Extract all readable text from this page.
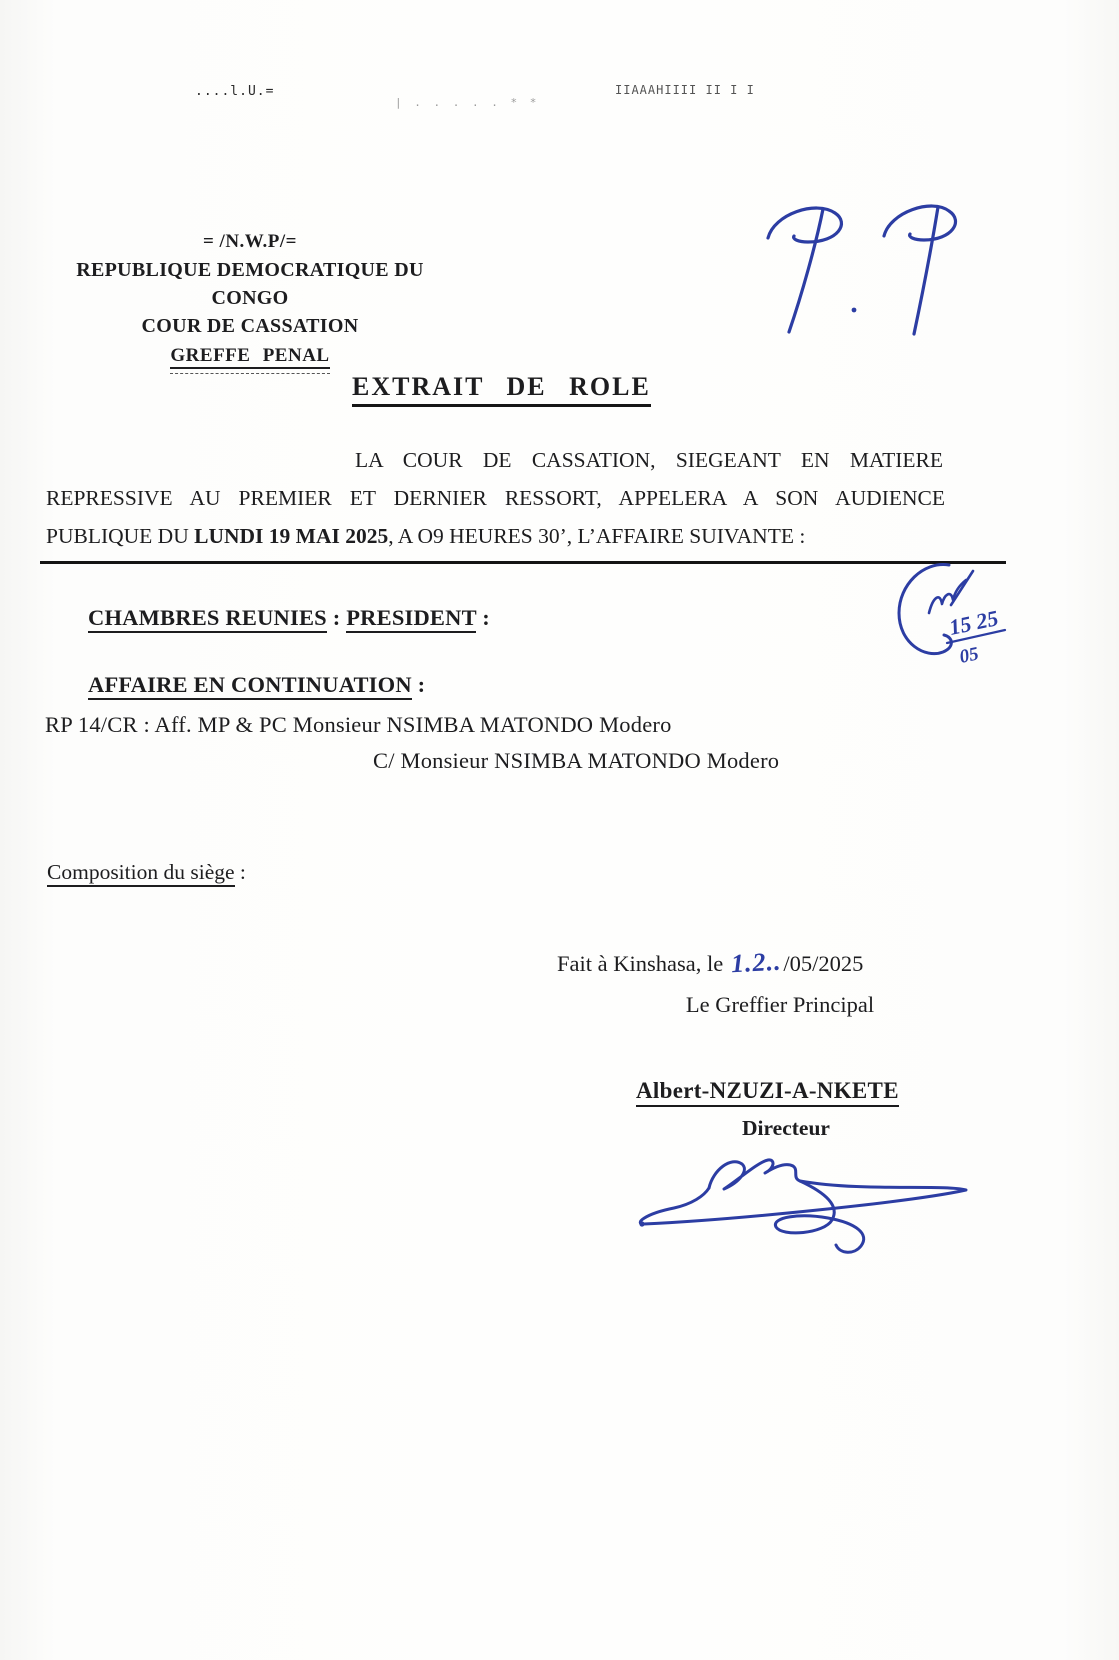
....l.U.=
| . . . . . * *
IIAAAHIIII II I I
= /N.W.P/=
REPUBLIQUE DEMOCRATIQUE DU CONGO
COUR DE CASSATION
GREFFE PENAL
EXTRAIT DE ROLE
LA COUR DE CASSATION, SIEGEANT EN MATIERE
REPRESSIVE AU PREMIER ET DERNIER RESSORT, APPELERA A SON AUDIENCE
PUBLIQUE DU LUNDI 19 MAI 2025, A O9 HEURES 30’, L’AFFAIRE SUIVANTE :
CHAMBRES REUNIES : PRESIDENT :	15 25
05
AFFAIRE EN CONTINUATION :
RP 14/CR : Aff. MP & PC Monsieur NSIMBA MATONDO Modero
C/ Monsieur NSIMBA MATONDO Modero
Composition du siège :
Fait à Kinshasa, le 1.2../05/2025
Le Greffier Principal
Albert-NZUZI-A-NKETE
Directeur
